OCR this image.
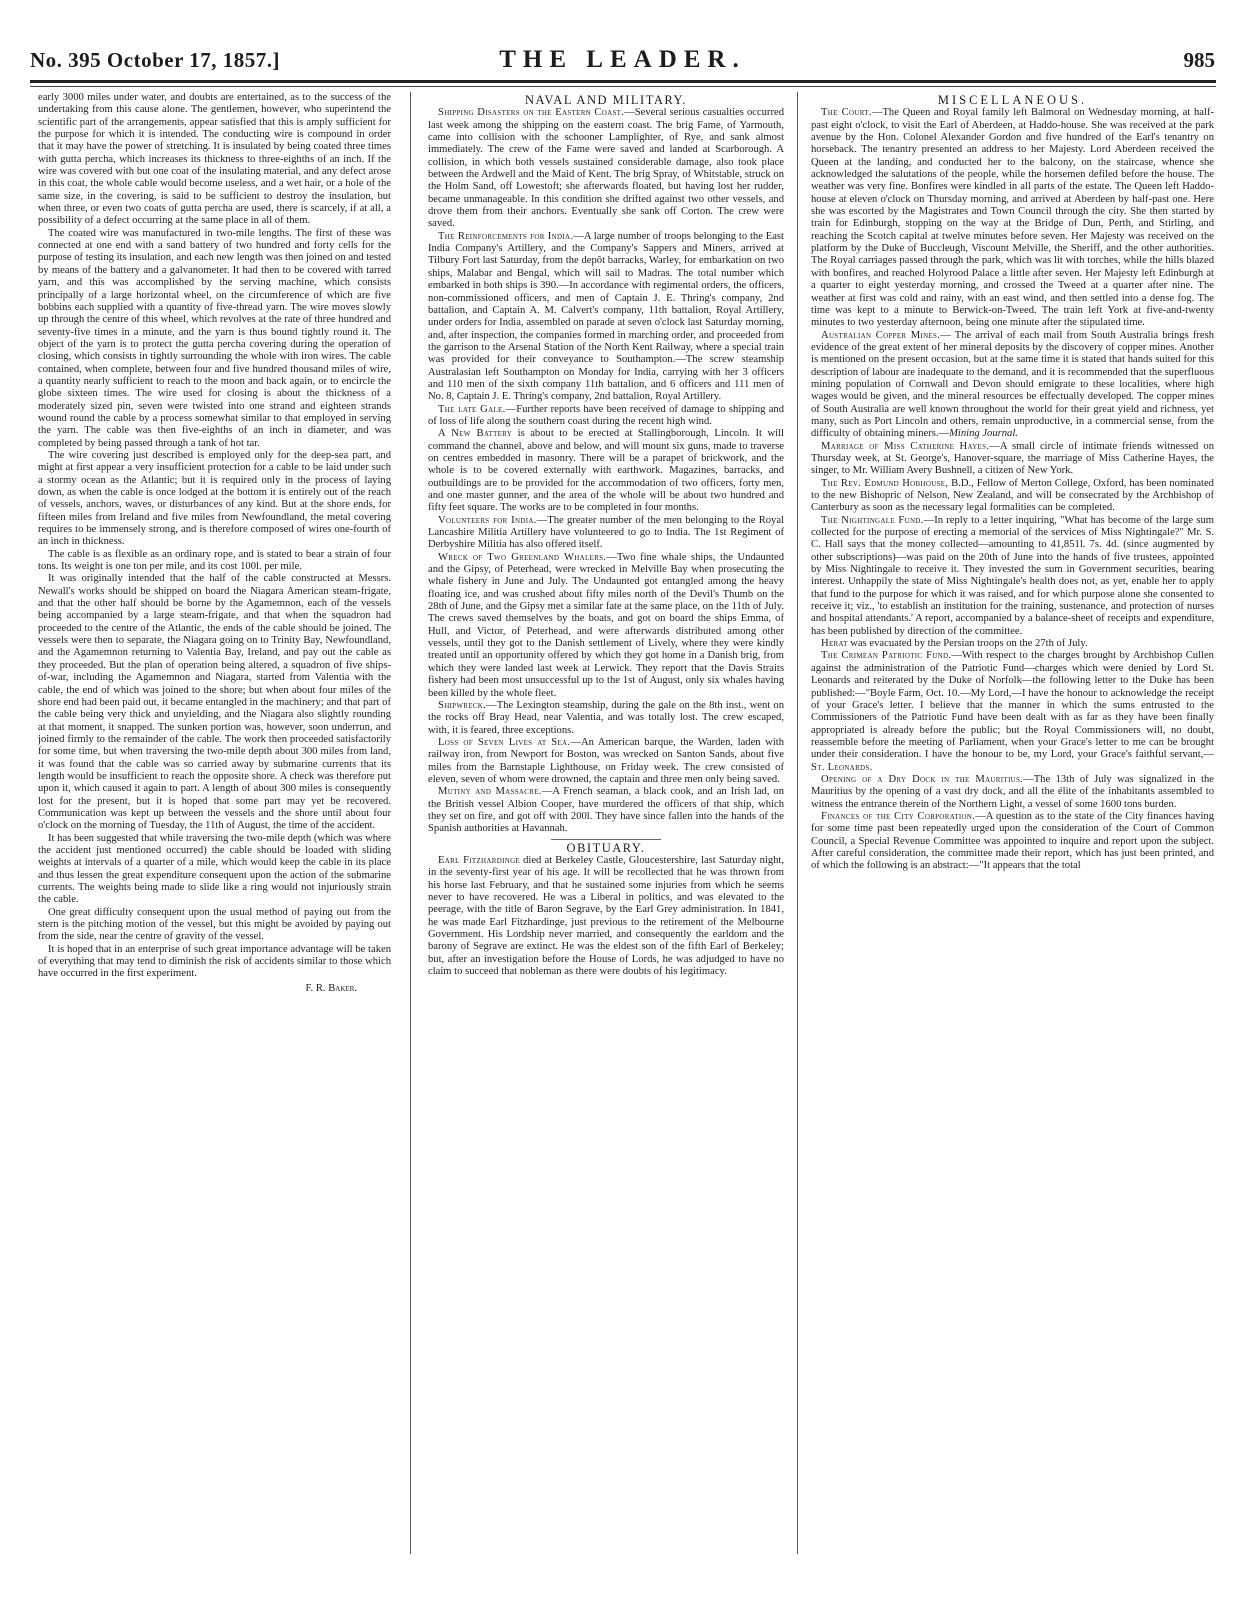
No. 395 October 17, 1857.]	THE LEADER.	985

early 3000 miles under water, and doubts are entertained, as to the success of the undertaking from this cause alone. The gentlemen, however, who superintend the scientific part of the arrangements, appear satisfied that this is amply sufficient for the purpose for which it is intended. The conducting wire is compound in order that it may have the power of stretching. It is insulated by being coated three times with gutta percha, which increases its thickness to three-eighths of an inch. If the wire was covered with but one coat of the insulating material, and any defect arose in this coat, the whole cable would become useless, and a wet hair, or a hole of the same size, in the covering, is said to be sufficient to destroy the insulation, but when three, or even two coats of gutta percha are used, there is scarcely, if at all, a possibility of a defect occurring at the same place in all of them.

The coated wire was manufactured in two-mile lengths. The first of these was connected at one end with a sand battery of two hundred and forty cells for the purpose of testing its insulation, and each new length was then joined on and tested by means of the battery and a galvanometer. It had then to be covered with tarred yarn, and this was accomplished by the serving machine, which consists principally of a large horizontal wheel, on the circumference of which are five bobbins each supplied with a quantity of five-thread yarn. The wire moves slowly up through the centre of this wheel, which revolves at the rate of three hundred and seventy-five times in a minute, and the yarn is thus bound tightly round it. The object of the yarn is to protect the gutta percha covering during the operation of closing, which consists in tightly surrounding the whole with iron wires. The cable contained, when complete, between four and five hundred thousand miles of wire, a quantity nearly sufficient to reach to the moon and back again, or to encircle the globe sixteen times. The wire used for closing is about the thickness of a moderately sized pin, seven were twisted into one strand and eighteen strands wound round the cable by a process somewhat similar to that employed in serving the yarn. The cable was then five-eighths of an inch in diameter, and was completed by being passed through a tank of hot tar.

The wire covering just described is employed only for the deep-sea part, and might at first appear a very insufficient protection for a cable to be laid under such a stormy ocean as the Atlantic; but it is required only in the process of laying down, as when the cable is once lodged at the bottom it is entirely out of the reach of vessels, anchors, waves, or disturbances of any kind. But at the shore ends, for fifteen miles from Ireland and five miles from Newfoundland, the metal covering requires to be immensely strong, and is therefore composed of wires one-fourth of an inch in thickness.

The cable is as flexible as an ordinary rope, and is stated to bear a strain of four tons. Its weight is one ton per mile, and its cost 100l. per mile.

It was originally intended that the half of the cable constructed at Messrs. Newall's works should be shipped on board the Niagara American steam-frigate, and that the other half should be borne by the Agamemnon, each of the vessels being accompanied by a large steam-frigate, and that when the squadron had proceeded to the centre of the Atlantic, the ends of the cable should be joined. The vessels were then to separate, the Niagara going on to Trinity Bay, Newfoundland, and the Agamemnon returning to Valentia Bay, Ireland, and pay out the cable as they proceeded. But the plan of operation being altered, a squadron of five ships-of-war, including the Agamemnon and Niagara, started from Valentia with the cable, the end of which was joined to the shore; but when about four miles of the shore end had been paid out, it became entangled in the machinery; and that part of the cable being very thick and unyielding, and the Niagara also slightly rounding at that moment, it snapped. The sunken portion was, however, soon underrun, and joined firmly to the remainder of the cable. The work then proceeded satisfactorily for some time, but when traversing the two-mile depth about 300 miles from land, it was found that the cable was so carried away by submarine currents that its length would be insufficient to reach the opposite shore. A check was therefore put upon it, which caused it again to part. A length of about 300 miles is consequently lost for the present, but it is hoped that some part may yet be recovered. Communication was kept up between the vessels and the shore until about four o'clock on the morning of Tuesday, the 11th of August, the time of the accident.

It has been suggested that while traversing the two-mile depth (which was where the accident just mentioned occurred) the cable should be loaded with sliding weights at intervals of a quarter of a mile, which would keep the cable in its place and thus lessen the great expenditure consequent upon the action of the submarine currents. The weights being made to slide like a ring would not injuriously strain the cable.

One great difficulty consequent upon the usual method of paying out from the stern is the pitching motion of the vessel, but this might be avoided by paying out from the side, near the centre of gravity of the vessel.

It is hoped that in an enterprise of such great importance advantage will be taken of everything that may tend to diminish the risk of accidents similar to those which have occurred in the first experiment.

F. R. Baker.
NAVAL AND MILITARY.

Shipping Disasters on the Eastern Coast.—Several serious casualties occurred last week among the shipping on the eastern coast. The brig Fame, of Yarmouth, came into collision with the schooner Lamplighter, of Rye, and sank almost immediately. The crew of the Fame were saved and landed at Scarborough. A collision, in which both vessels sustained considerable damage, also took place between the Ardwell and the Maid of Kent. The brig Spray, of Whitstable, struck on the Holm Sand, off Lowestoft; she afterwards floated, but having lost her rudder, became unmanageable. In this condition she drifted against two other vessels, and drove them from their anchors. Eventually she sank off Corton. The crew were saved.

The Reinforcements for India.—A large number of troops belonging to the East India Company's Artillery, and the Company's Sappers and Miners, arrived at Tilbury Fort last Saturday, from the depôt barracks, Warley, for embarkation on two ships, Malabar and Bengal, which will sail to Madras. The total number which embarked in both ships is 390.—In accordance with regimental orders, the officers, non-commissioned officers, and men of Captain J. E. Thring's company, 2nd battalion, and Captain A. M. Calvert's company, 11th battalion, Royal Artillery, under orders for India, assembled on parade at seven o'clock last Saturday morning, and, after inspection, the companies formed in marching order, and proceeded from the garrison to the Arsenal Station of the North Kent Railway, where a special train was provided for their conveyance to Southampton.—The screw steamship Australasian left Southampton on Monday for India, carrying with her 3 officers and 110 men of the sixth company 11th battalion, and 6 officers and 111 men of No. 8, Captain J. E. Thring's company, 2nd battalion, Royal Artillery.

The late Gale.—Further reports have been received of damage to shipping and of loss of life along the southern coast during the recent high wind.

A New Battery is about to be erected at Stallingborough, Lincoln. It will command the channel, above and below, and will mount six guns, made to traverse on centres embedded in masonry. There will be a parapet of brickwork, and the whole is to be covered externally with earthwork. Magazines, barracks, and outbuildings are to be provided for the accommodation of two officers, forty men, and one master gunner, and the area of the whole will be about two hundred and fifty feet square. The works are to be completed in four months.

Volunteers for India.—The greater number of the men belonging to the Royal Lancashire Militia Artillery have volunteered to go to India. The 1st Regiment of Derbyshire Militia has also offered itself.

Wreck of Two Greenland Whalers.—Two fine whale ships, the Undaunted and the Gipsy, of Peterhead, were wrecked in Melville Bay when prosecuting the whale fishery in June and July. The Undaunted got entangled among the heavy floating ice, and was crushed about fifty miles north of the Devil's Thumb on the 28th of June, and the Gipsy met a similar fate at the same place, on the 11th of July. The crews saved themselves by the boats, and got on board the ships Emma, of Hull, and Victor, of Peterhead, and were afterwards distributed among other vessels, until they got to the Danish settlement of Lively, where they were kindly treated until an opportunity offered by which they got home in a Danish brig, from which they were landed last week at Lerwick. They report that the Davis Straits fishery had been most unsuccessful up to the 1st of August, only six whales having been killed by the whole fleet.

Shipwreck.—The Lexington steamship, during the gale on the 8th inst., went on the rocks off Bray Head, near Valentia, and was totally lost. The crew escaped, with, it is feared, three exceptions.

Loss of Seven Lives at Sea.—An American barque, the Warden, laden with railway iron, from Newport for Boston, was wrecked on Santon Sands, about five miles from the Barnstaple Lighthouse, on Friday week. The crew consisted of eleven, seven of whom were drowned, the captain and three men only being saved.

Mutiny and Massacre.—A French seaman, a black cook, and an Irish lad, on the British vessel Albion Cooper, have murdered the officers of that ship, which they set on fire, and got off with 200l. They have since fallen into the hands of the Spanish authorities at Havannah.

OBITUARY.

Earl Fitzhardinge died at Berkeley Castle, Gloucestershire, last Saturday night, in the seventy-first year of his age. It will be recollected that he was thrown from his horse last February, and that he sustained some injuries from which he seems never to have recovered. He was a Liberal in politics, and was elevated to the peerage, with the title of Baron Segrave, by the Earl Grey administration. In 1841, he was made Earl Fitzhardinge, just previous to the retirement of the Melbourne Government. His Lordship never married, and consequently the earldom and the barony of Segrave are extinct. He was the eldest son of the fifth Earl of Berkeley; but, after an investigation before the House of Lords, he was adjudged to have no claim to succeed that nobleman as there were doubts of his legitimacy.

MISCELLANEOUS.

The Court.—The Queen and Royal family left Balmoral on Wednesday morning, at half-past eight o'clock, to visit the Earl of Aberdeen, at Haddo-house. She was received at the park avenue by the Hon. Colonel Alexander Gordon and five hundred of the Earl's tenantry on horseback. The tenantry presented an address to her Majesty. Lord Aberdeen received the Queen at the landing, and conducted her to the balcony, on the staircase, whence she acknowledged the salutations of the people, while the horsemen defiled before the house. The weather was very fine. Bonfires were kindled in all parts of the estate. The Queen left Haddo-house at eleven o'clock on Thursday morning, and arrived at Aberdeen by half-past one. Here she was escorted by the Magistrates and Town Council through the city. She then started by train for Edinburgh, stopping on the way at the Bridge of Dun, Perth, and Stirling, and reaching the Scotch capital at twelve minutes before seven. Her Majesty was received on the platform by the Duke of Buccleugh, Viscount Melville, the Sheriff, and the other authorities. The Royal carriages passed through the park, which was lit with torches, while the hills blazed with bonfires, and reached Holyrood Palace a little after seven. Her Majesty left Edinburgh at a quarter to eight yesterday morning, and crossed the Tweed at a quarter after nine. The weather at first was cold and rainy, with an east wind, and then settled into a dense fog. The time was kept to a minute to Berwick-on-Tweed. The train left York at five-and-twenty minutes to two yesterday afternoon, being one minute after the stipulated time.

Australian Copper Mines.— The arrival of each mail from South Australia brings fresh evidence of the great extent of her mineral deposits by the discovery of copper mines. Another is mentioned on the present occasion, but at the same time it is stated that hands suited for this description of labour are inadequate to the demand, and it is recommended that the superfluous mining population of Cornwall and Devon should emigrate to these localities, where high wages would be given, and the mineral resources be effectually developed. The copper mines of South Australia are well known throughout the world for their great yield and richness, yet many, such as Port Lincoln and others, remain unproductive, in a commercial sense, from the difficulty of obtaining miners.—Mining Journal.

Marriage of Miss Catherine Hayes.—A small circle of intimate friends witnessed on Thursday week, at St. George's, Hanover-square, the marriage of Miss Catherine Hayes, the singer, to Mr. William Avery Bushnell, a citizen of New York.

The Rev. Edmund Hobhouse, B.D., Fellow of Merton College, Oxford, has been nominated to the new Bishopric of Nelson, New Zealand, and will be consecrated by the Archbishop of Canterbury as soon as the necessary legal formalities can be completed.

The Nightingale Fund.—In reply to a letter inquiring, "What has become of the large sum collected for the purpose of erecting a memorial of the services of Miss Nightingale?" Mr. S. C. Hall says that the money collected—amounting to 41,851l. 7s. 4d. (since augmented by other subscriptions)—was paid on the 20th of June into the hands of five trustees, appointed by Miss Nightingale to receive it. They invested the sum in Government securities, bearing interest. Unhappily the state of Miss Nightingale's health does not, as yet, enable her to apply that fund to the purpose for which it was raised, and for which purpose alone she consented to receive it; viz., 'to establish an institution for the training, sustenance, and protection of nurses and hospital attendants.' A report, accompanied by a balance-sheet of receipts and expenditure, has been published by direction of the committee.

Herat was evacuated by the Persian troops on the 27th of July.

The Crimean Patriotic Fund.—With respect to the charges brought by Archbishop Cullen against the administration of the Patriotic Fund—charges which were denied by Lord St. Leonards and reiterated by the Duke of Norfolk—the following letter to the Duke has been published:—"Boyle Farm, Oct. 10.—My Lord,—I have the honour to acknowledge the receipt of your Grace's letter. I believe that the manner in which the sums entrusted to the Commissioners of the Patriotic Fund have been dealt with as far as they have been finally appropriated is already before the public; but the Royal Commissioners will, no doubt, reassemble before the meeting of Parliament, when your Grace's letter to me can be brought under their consideration. I have the honour to be, my Lord, your Grace's faithful servant,—St. Leonards.

Opening of a Dry Dock in the Mauritius.—The 13th of July was signalized in the Mauritius by the opening of a vast dry dock, and all the élite of the inhabitants assembled to witness the entrance therein of the Northern Light, a vessel of some 1600 tons burden.

Finances of the City Corporation.—A question as to the state of the City finances having for some time past been repeatedly urged upon the consideration of the Court of Common Council, a Special Revenue Committee was appointed to inquire and report upon the subject. After careful consideration, the committee made their report, which has just been printed, and of which the following is an abstract:—"It appears that the total
